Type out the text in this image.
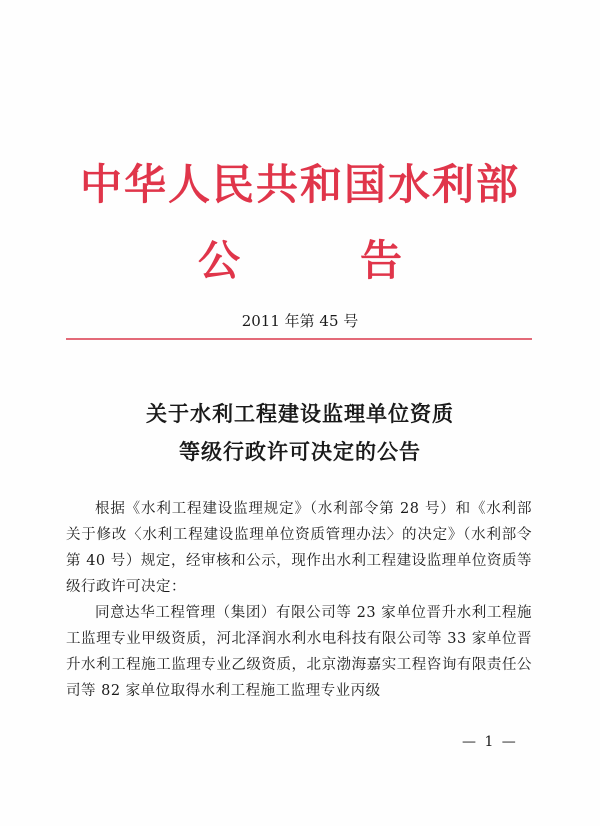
中华人民共和国水利部
公	告
2011 年第 45 号
关于水利工程建设监理单位资质
等级行政许可决定的公告

根据《水利工程建设监理规定》（水利部令第 28 号）和《水利部关于修改〈水利工程建设监理单位资质管理办法〉的决定》（水利部令第 40 号）规定，经审核和公示，现作出水利工程建设监理单位资质等级行政许可决定：

同意达华工程管理（集团）有限公司等 23 家单位晋升水利工程施工监理专业甲级资质，河北泽润水利水电科技有限公司等 33 家单位晋升水利工程施工监理专业乙级资质，北京渤海嘉实工程咨询有限责任公司等 82 家单位取得水利工程施工监理专业丙级

— 1 —
